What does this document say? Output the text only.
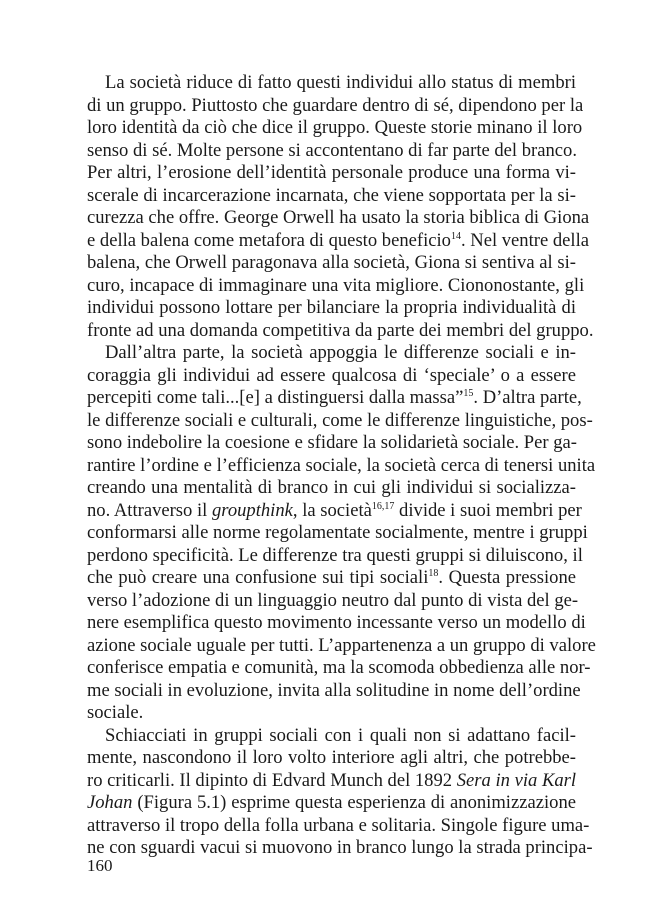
La società riduce di fatto questi individui allo status di membri
di un gruppo. Piuttosto che guardare dentro di sé, dipendono per la
loro identità da ciò che dice il gruppo. Queste storie minano il loro
senso di sé. Molte persone si accontentano di far parte del branco.
Per altri, l’erosione dell’identità personale produce una forma vi-
scerale di incarcerazione incarnata, che viene sopportata per la si-
curezza che offre. George Orwell ha usato la storia biblica di Giona
e della balena come metafora di questo beneficio$^{14}$. Nel ventre della
balena, che Orwell paragonava alla società, Giona si sentiva al si-
curo, incapace di immaginare una vita migliore. Ciononostante, gli
individui possono lottare per bilanciare la propria individualità di
fronte ad una domanda competitiva da parte dei membri del gruppo.
Dall’altra parte, la società appoggia le differenze sociali e in-
coraggia gli individui ad essere qualcosa di ‘speciale’ o a essere
percepiti come tali...[e] a distinguersi dalla massa”$^{15}$. D’altra parte,
le differenze sociali e culturali, come le differenze linguistiche, pos-
sono indebolire la coesione e sfidare la solidarietà sociale. Per ga-
rantire l’ordine e l’efficienza sociale, la società cerca di tenersi unita
creando una mentalità di branco in cui gli individui si socializza-
no. Attraverso il groupthink, la società$^{16,17}$ divide i suoi membri per
conformarsi alle norme regolamentate socialmente, mentre i gruppi
perdono specificità. Le differenze tra questi gruppi si diluiscono, il
che può creare una confusione sui tipi sociali$^{18}$. Questa pressione
verso l’adozione di un linguaggio neutro dal punto di vista del ge-
nere esemplifica questo movimento incessante verso un modello di
azione sociale uguale per tutti. L’appartenenza a un gruppo di valore
conferisce empatia e comunità, ma la scomoda obbedienza alle nor-
me sociali in evoluzione, invita alla solitudine in nome dell’ordine
sociale.
Schiacciati in gruppi sociali con i quali non si adattano facil-
mente, nascondono il loro volto interiore agli altri, che potrebbe-
ro criticarli. Il dipinto di Edvard Munch del 1892 Sera in via Karl
Johan (Figura 5.1) esprime questa esperienza di anonimizzazione
attraverso il tropo della folla urbana e solitaria. Singole figure uma-
ne con sguardi vacui si muovono in branco lungo la strada principa-
160
